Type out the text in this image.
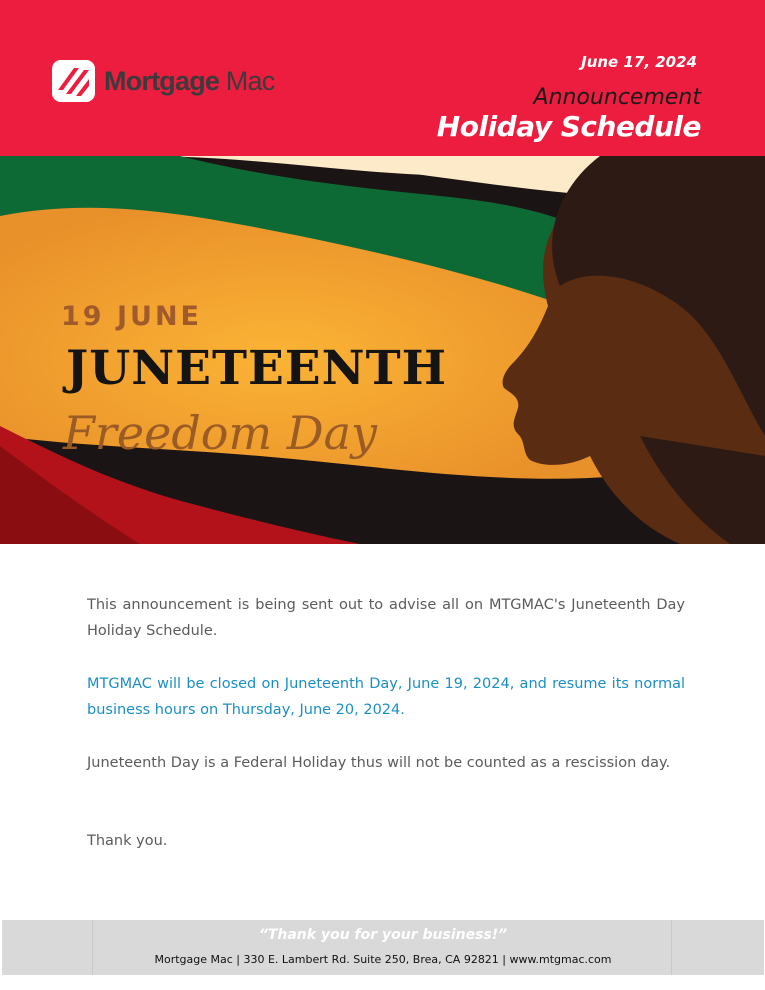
Mortgage Mac
June 17, 2024
Announcement
Holiday Schedule
19 JUNE
JUNETEENTH
Freedom Day

This announcement is being sent out to advise all on MTGMAC's Juneteenth Day Holiday Schedule.

MTGMAC will be closed on Juneteenth Day, June 19, 2024, and resume its normal business hours on Thursday, June 20, 2024.

Juneteenth Day is a Federal Holiday thus will not be counted as a rescission day.

Thank you.

“Thank you for your business!”
Mortgage Mac | 330 E. Lambert Rd. Suite 250, Brea, CA 92821 | www.mtgmac.com
